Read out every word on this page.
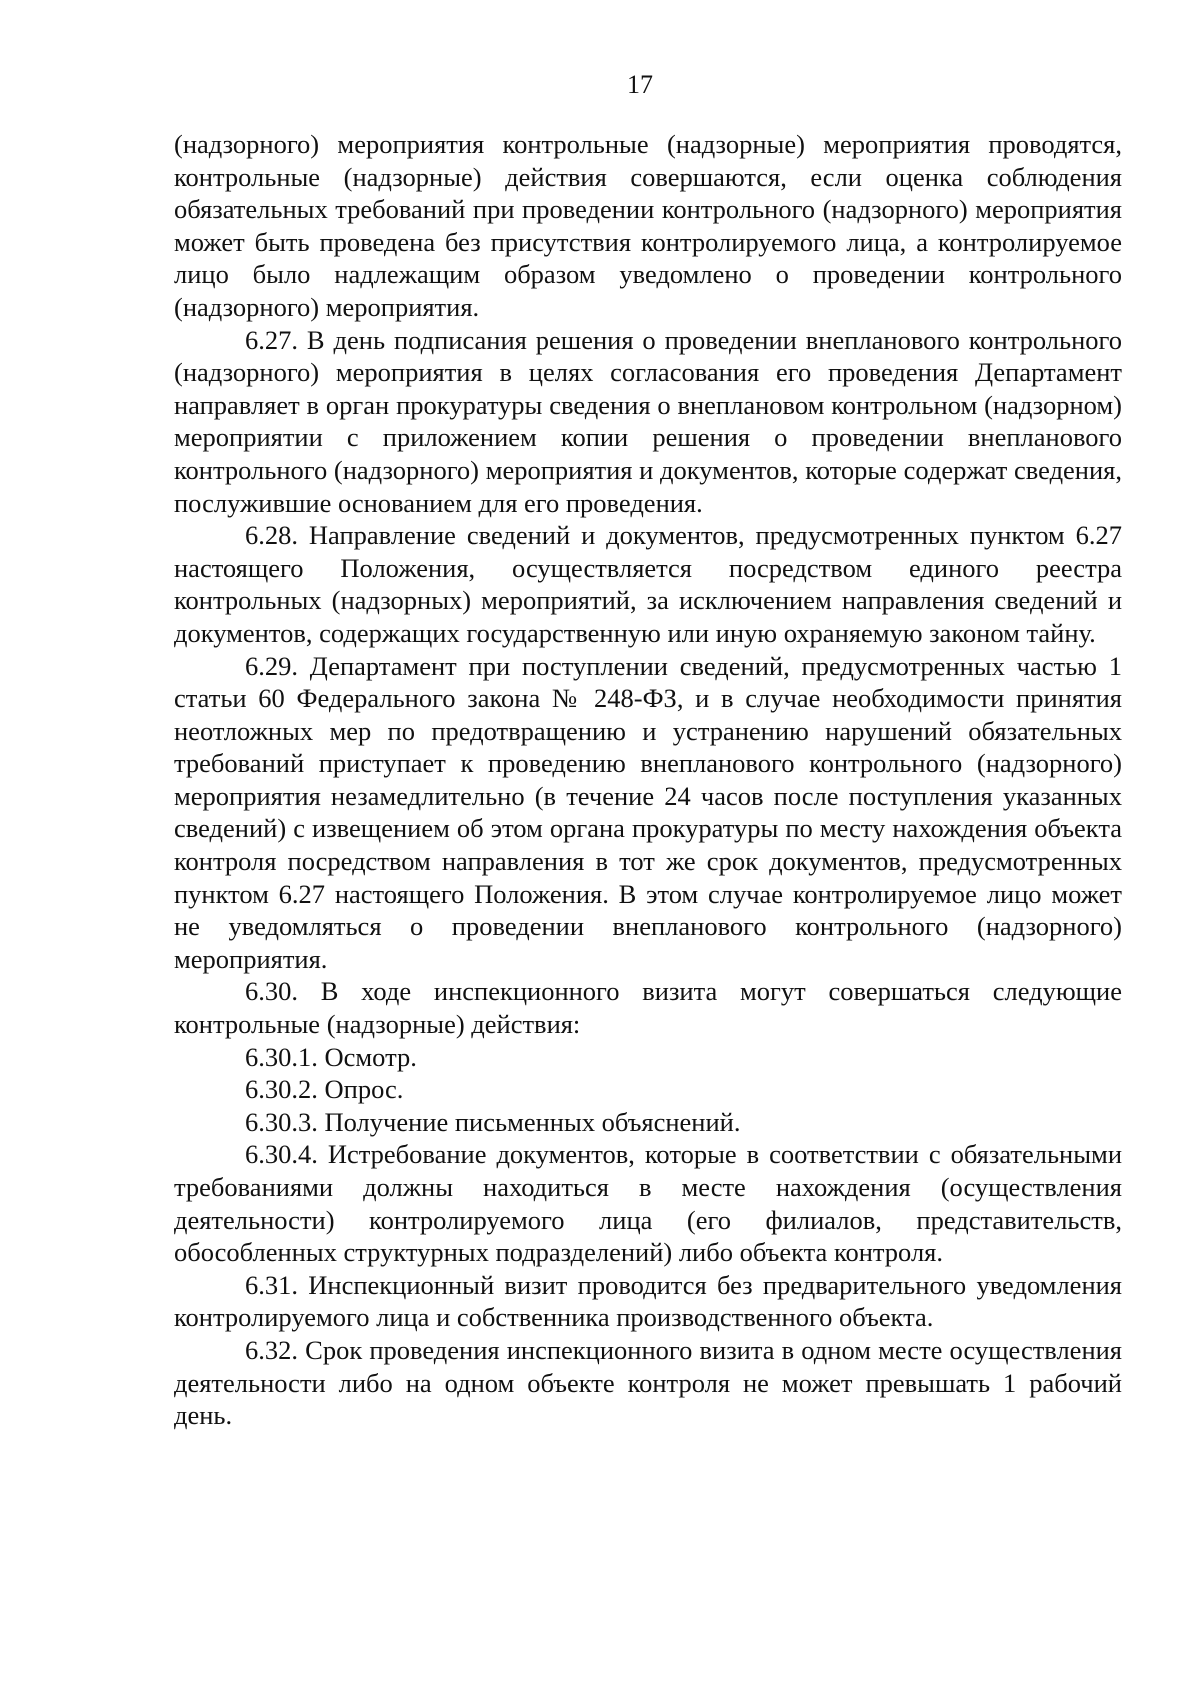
17

(надзорного) мероприятия контрольные (надзорные) мероприятия проводятся, контрольные (надзорные) действия совершаются, если оценка соблюдения обязательных требований при проведении контрольного (надзорного) мероприятия может быть проведена без присутствия контролируемого лица, а контролируемое лицо было надлежащим образом уведомлено о проведении контрольного (надзорного) мероприятия.

6.27. В день подписания решения о проведении внепланового контрольного (надзорного) мероприятия в целях согласования его проведения Департамент направляет в орган прокуратуры сведения о внеплановом контрольном (надзорном) мероприятии с приложением копии решения о проведении внепланового контрольного (надзорного) мероприятия и документов, которые содержат сведения, послужившие основанием для его проведения.

6.28. Направление сведений и документов, предусмотренных пунктом 6.27 настоящего Положения, осуществляется посредством единого реестра контрольных (надзорных) мероприятий, за исключением направления сведений и документов, содержащих государственную или иную охраняемую законом тайну.

6.29. Департамент при поступлении сведений, предусмотренных частью 1 статьи 60 Федерального закона № 248-ФЗ, и в случае необходимости принятия неотложных мер по предотвращению и устранению нарушений обязательных требований приступает к проведению внепланового контрольного (надзорного) мероприятия незамедлительно (в течение 24 часов после поступления указанных сведений) с извещением об этом органа прокуратуры по месту нахождения объекта контроля посредством направления в тот же срок документов, предусмотренных пунктом 6.27 настоящего Положения. В этом случае контролируемое лицо может не уведомляться о проведении внепланового контрольного (надзорного) мероприятия.

6.30. В ходе инспекционного визита могут совершаться следующие контрольные (надзорные) действия:

6.30.1. Осмотр.

6.30.2. Опрос.

6.30.3. Получение письменных объяснений.

6.30.4. Истребование документов, которые в соответствии с обязательными требованиями должны находиться в месте нахождения (осуществления деятельности) контролируемого лица (его филиалов, представительств, обособленных структурных подразделений) либо объекта контроля.

6.31. Инспекционный визит проводится без предварительного уведомления контролируемого лица и собственника производственного объекта.

6.32. Срок проведения инспекционного визита в одном месте осуществления деятельности либо на одном объекте контроля не может превышать 1 рабочий день.
